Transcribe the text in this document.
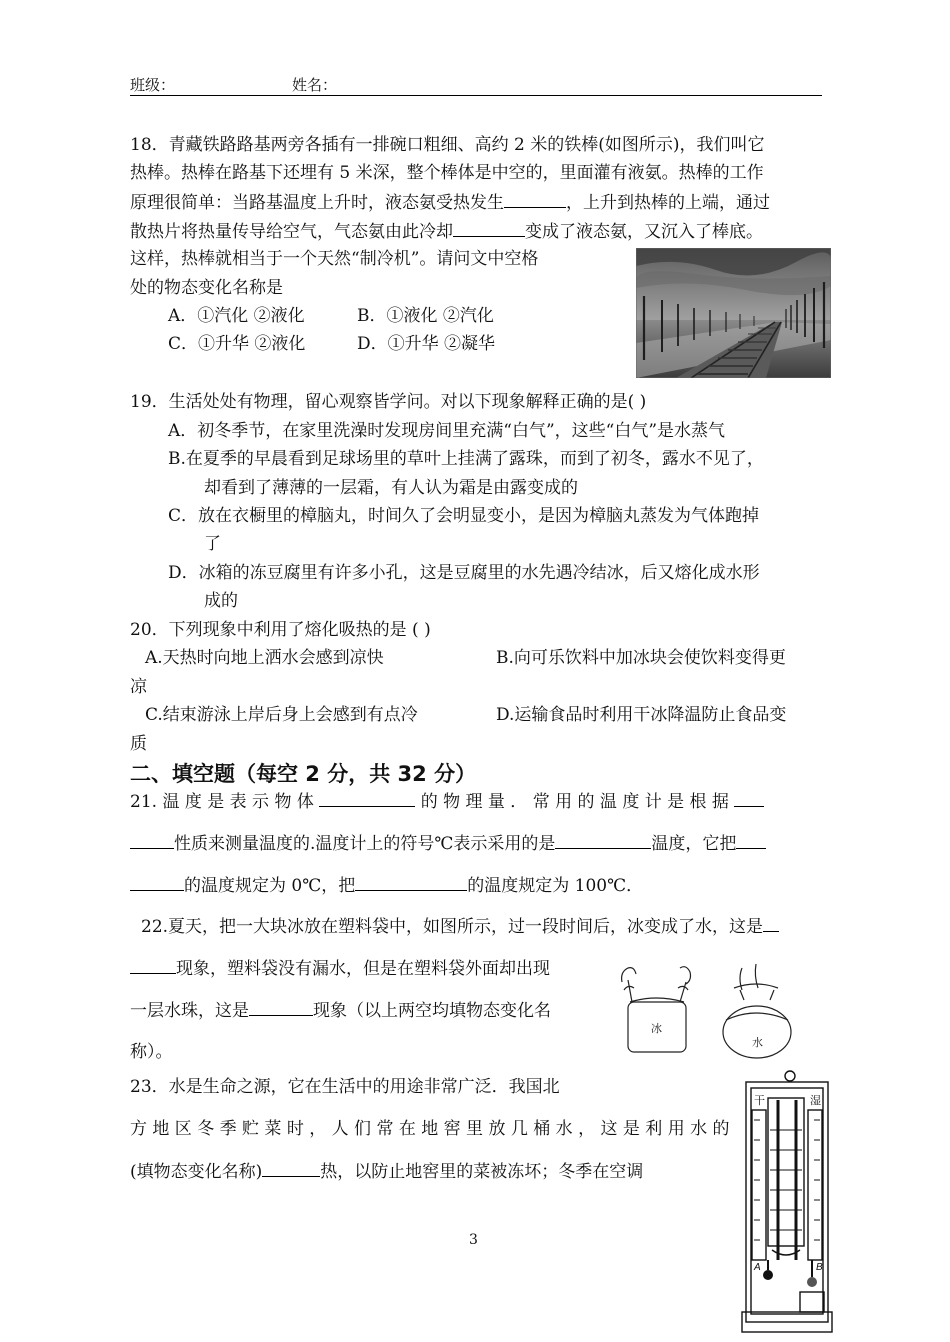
班级：	姓名：
18．青藏铁路路基两旁各插有一排碗口粗细、高约 2 米的铁棒(如图所示)，我们叫它
热棒。热棒在路基下还埋有 5 米深，整个棒体是中空的，里面灌有液氨。热棒的工作
原理很简单：当路基温度上升时，液态氨受热发生	，上升到热棒的上端，通过
散热片将热量传导给空气，气态氨由此冷却	变成了液态氨，又沉入了棒底。
这样，热棒就相当于一个天然“制冷机”。请问文中空格
处的物态变化名称是
A．①汽化 ②液化	B．①液化 ②汽化
C．①升华 ②液化	D．①升华 ②凝华
19．生活处处有物理，留心观察皆学问。对以下现象解释正确的是( )
A．初冬季节，在家里洗澡时发现房间里充满“白气”，这些“白气”是水蒸气
B.在夏季的早晨看到足球场里的草叶上挂满了露珠，而到了初冬，露水不见了，
却看到了薄薄的一层霜，有人认为霜是由露变成的
C．放在衣橱里的樟脑丸，时间久了会明显变小，是因为樟脑丸蒸发为气体跑掉
了
D．冰箱的冻豆腐里有许多小孔，这是豆腐里的水先遇冷结冰，后又熔化成水形
成的
20．下列现象中利用了熔化吸热的是 ( )
A.天热时向地上洒水会感到凉快	B.向可乐饮料中加冰块会使饮料变得更
凉
C.结束游泳上岸后身上会感到有点冷	D.运输食品时利用干冰降温防止食品变
质
二、填空题（每空 2 分，共 32 分）
21. 温 度 是 表 示 物 体	的 物 理 量 ． 常 用 的 温 度 计 是 根 据
性质来测量温度的.温度计上的符号℃表示采用的是	温度，它把
的温度规定为 0℃，把	的温度规定为 100℃．
22.夏天，把一大块冰放在塑料袋中，如图所示，过一段时间后，冰变成了水，这是
现象，塑料袋没有漏水，但是在塑料袋外面却出现
一层水珠，这是	现象（以上两空均填物态变化名
称）。
冰
水
23．水是生命之源，它在生活中的用途非常广泛．我国北
方 地 区 冬 季 贮 菜 时 ， 人 们 常 在 地 窖 里 放 几 桶 水 ， 这 是 利 用 水 的
(填物态变化名称)	热，以防止地窖里的菜被冻坏；冬季在空调
干	湿
A	B
3
